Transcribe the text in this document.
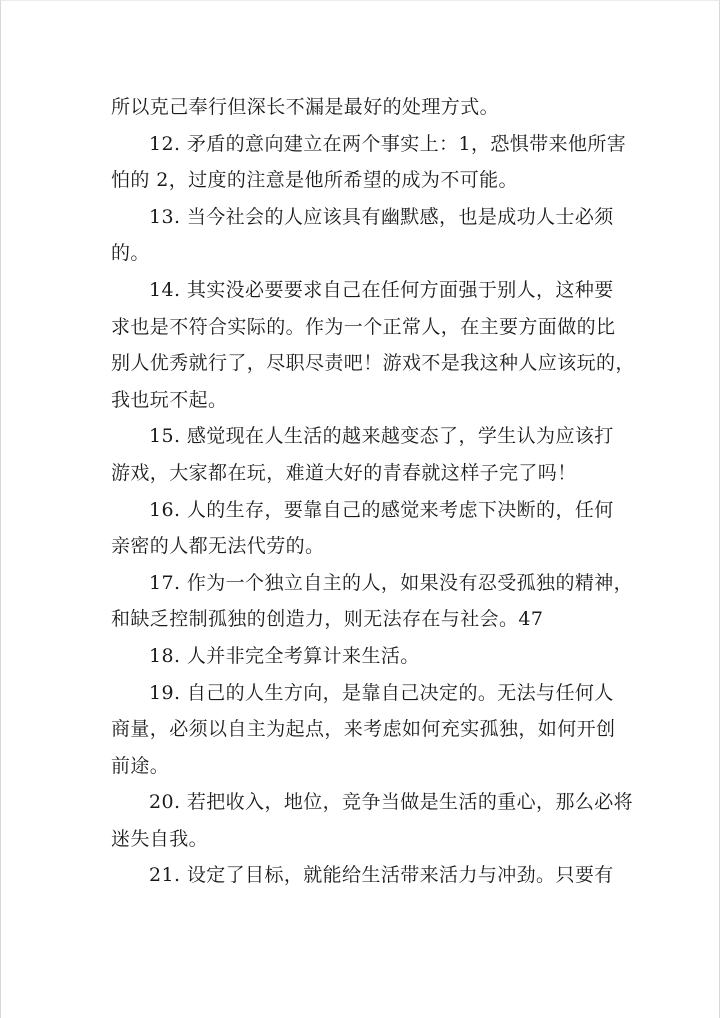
所以克己奉行但深长不漏是最好的处理方式。

12. 矛盾的意向建立在两个事实上：1，恐惧带来他所害
怕的 2，过度的注意是他所希望的成为不可能。

13. 当今社会的人应该具有幽默感，也是成功人士必须
的。

14. 其实没必要要求自己在任何方面强于别人，这种要
求也是不符合实际的。作为一个正常人，在主要方面做的比
别人优秀就行了，尽职尽责吧！游戏不是我这种人应该玩的，
我也玩不起。

15. 感觉现在人生活的越来越变态了，学生认为应该打
游戏，大家都在玩，难道大好的青春就这样子完了吗！

16. 人的生存，要靠自己的感觉来考虑下决断的，任何
亲密的人都无法代劳的。

17. 作为一个独立自主的人，如果没有忍受孤独的精神，
和缺乏控制孤独的创造力，则无法存在与社会。47

18. 人并非完全考算计来生活。

19. 自己的人生方向，是靠自己决定的。无法与任何人
商量，必须以自主为起点，来考虑如何充实孤独，如何开创
前途。

20. 若把收入，地位，竞争当做是生活的重心，那么必将
迷失自我。

21. 设定了目标，就能给生活带来活力与冲劲。只要有
